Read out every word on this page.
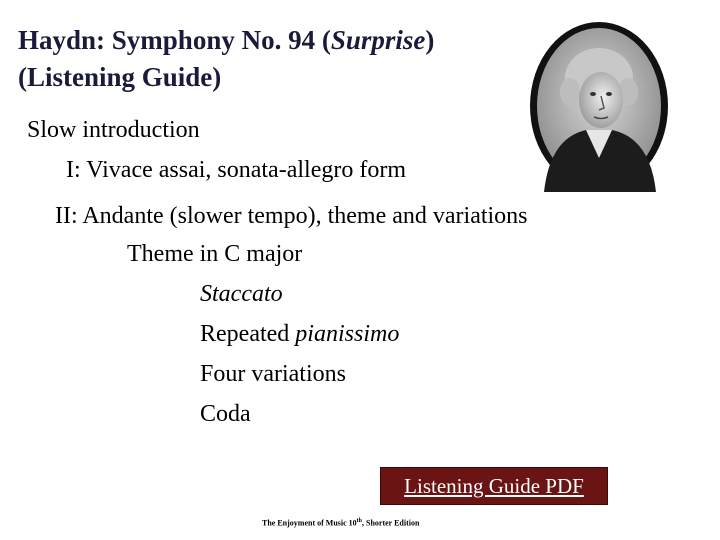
Haydn: Symphony No. 94 (Surprise)
(Listening Guide)
Slow introduction
I: Vivace assai, sonata-allegro form
II: Andante (slower tempo), theme and variations
Theme in C major
Staccato
Repeated pianissimo
Four variations
Coda
Listening Guide PDF
The Enjoyment of Music 10th, Shorter Edition
